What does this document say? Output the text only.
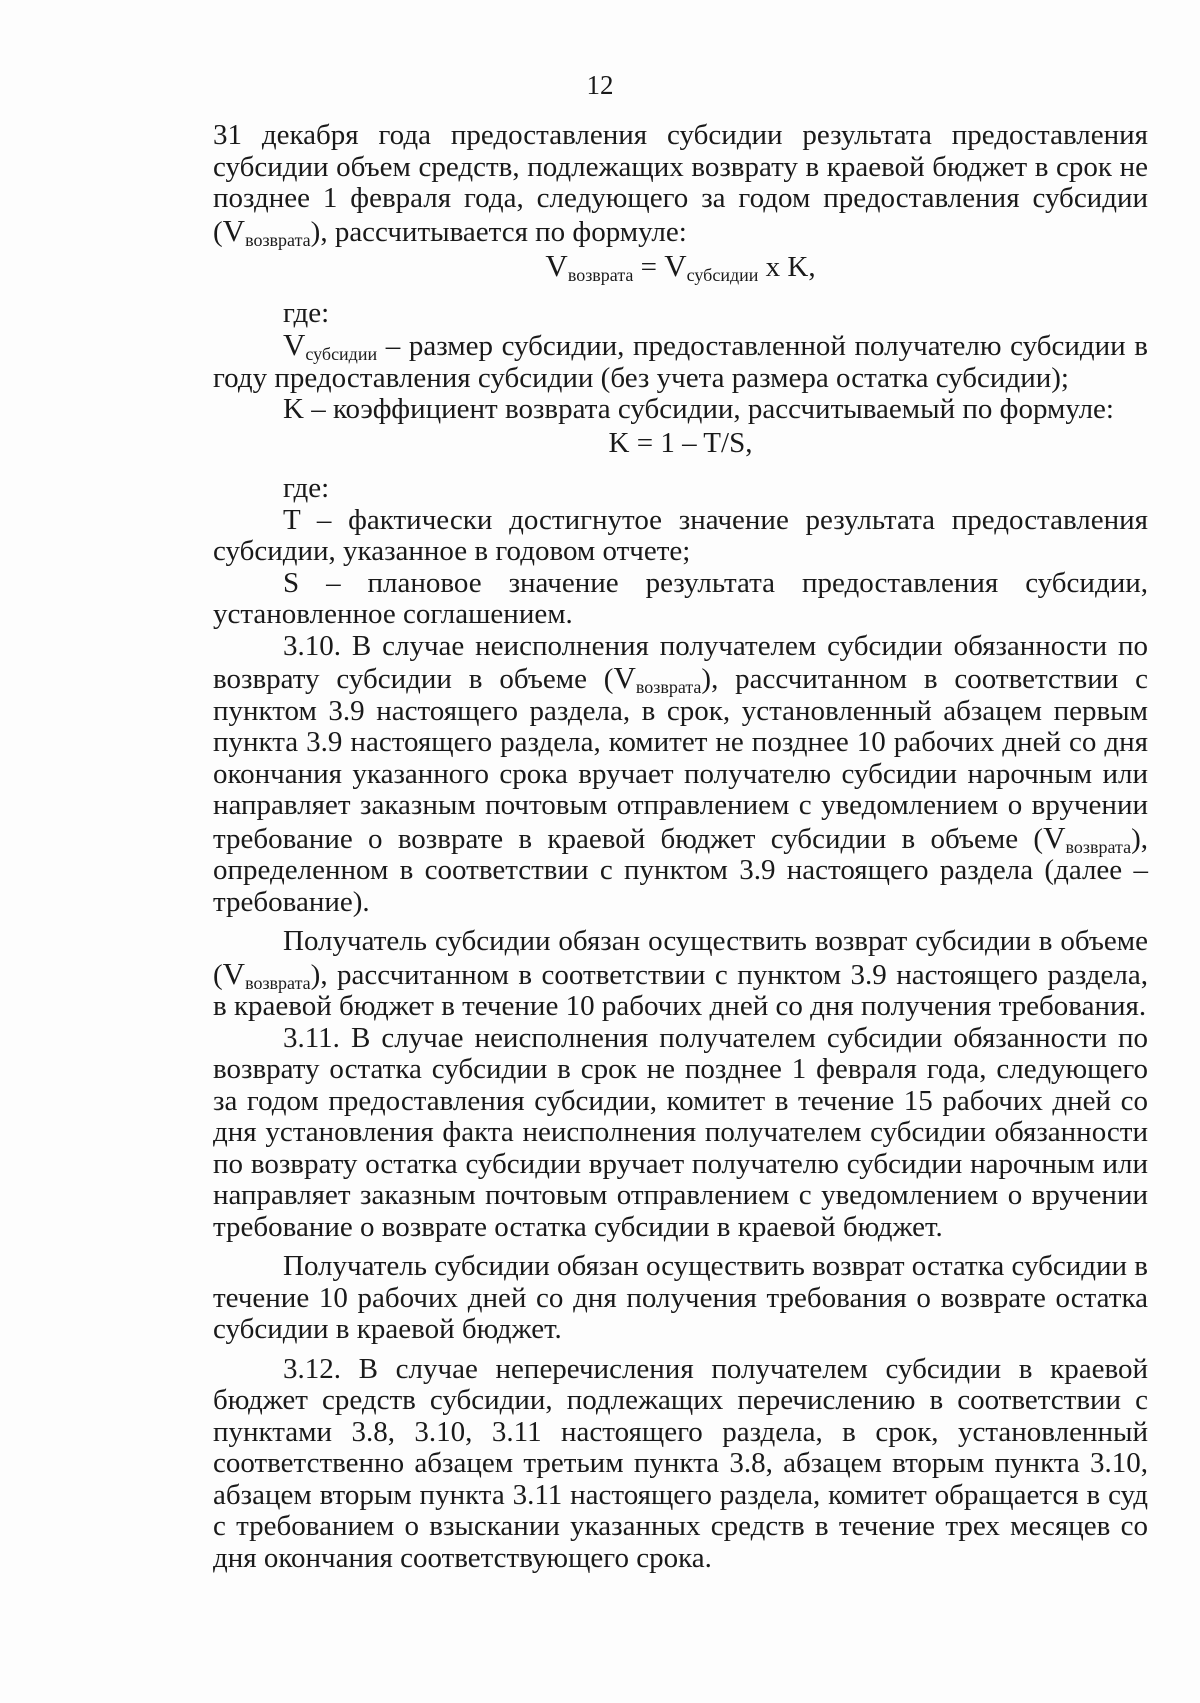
12

31 декабря года предоставления субсидии результата предоставления субсидии объем средств, подлежащих возврату в краевой бюджет в срок не позднее 1 февраля года, следующего за годом предоставления субсидии $(V_{возврата})$, рассчитывается по формуле:

$V_{возврата} = V_{субсидии}$ x K,

где:

$V_{субсидии}$ – размер субсидии, предоставленной получателю субсидии в году предоставления субсидии (без учета размера остатка субсидии);

K – коэффициент возврата субсидии, рассчитываемый по формуле:

K = 1 – T/S,

где:

T – фактически достигнутое значение результата предоставления субсидии, указанное в годовом отчете;

S – плановое значение результата предоставления субсидии, установленное соглашением.

3.10. В случае неисполнения получателем субсидии обязанности по возврату субсидии в объеме $(V_{возврата})$, рассчитанном в соответствии с пунктом 3.9 настоящего раздела, в срок, установленный абзацем первым пункта 3.9 настоящего раздела, комитет не позднее 10 рабочих дней со дня окончания указанного срока вручает получателю субсидии нарочным или направляет заказным почтовым отправлением с уведомлением о вручении требование о возврате в краевой бюджет субсидии в объеме $(V_{возврата})$, определенном в соответствии с пунктом 3.9 настоящего раздела (далее – требование).

Получатель субсидии обязан осуществить возврат субсидии в объеме $(V_{возврата})$, рассчитанном в соответствии с пунктом 3.9 настоящего раздела, в краевой бюджет в течение 10 рабочих дней со дня получения требования.

3.11. В случае неисполнения получателем субсидии обязанности по возврату остатка субсидии в срок не позднее 1 февраля года, следующего за годом предоставления субсидии, комитет в течение 15 рабочих дней со дня установления факта неисполнения получателем субсидии обязанности по возврату остатка субсидии вручает получателю субсидии нарочным или направляет заказным почтовым отправлением с уведомлением о вручении требование о возврате остатка субсидии в краевой бюджет.

Получатель субсидии обязан осуществить возврат остатка субсидии в течение 10 рабочих дней со дня получения требования о возврате остатка субсидии в краевой бюджет.

3.12. В случае неперечисления получателем субсидии в краевой бюджет средств субсидии, подлежащих перечислению в соответствии с пунктами 3.8, 3.10, 3.11 настоящего раздела, в срок, установленный соответственно абзацем третьим пункта 3.8, абзацем вторым пункта 3.10, абзацем вторым пункта 3.11 настоящего раздела, комитет обращается в суд с требованием о взыскании указанных средств в течение трех месяцев со дня окончания соответствующего срока.
